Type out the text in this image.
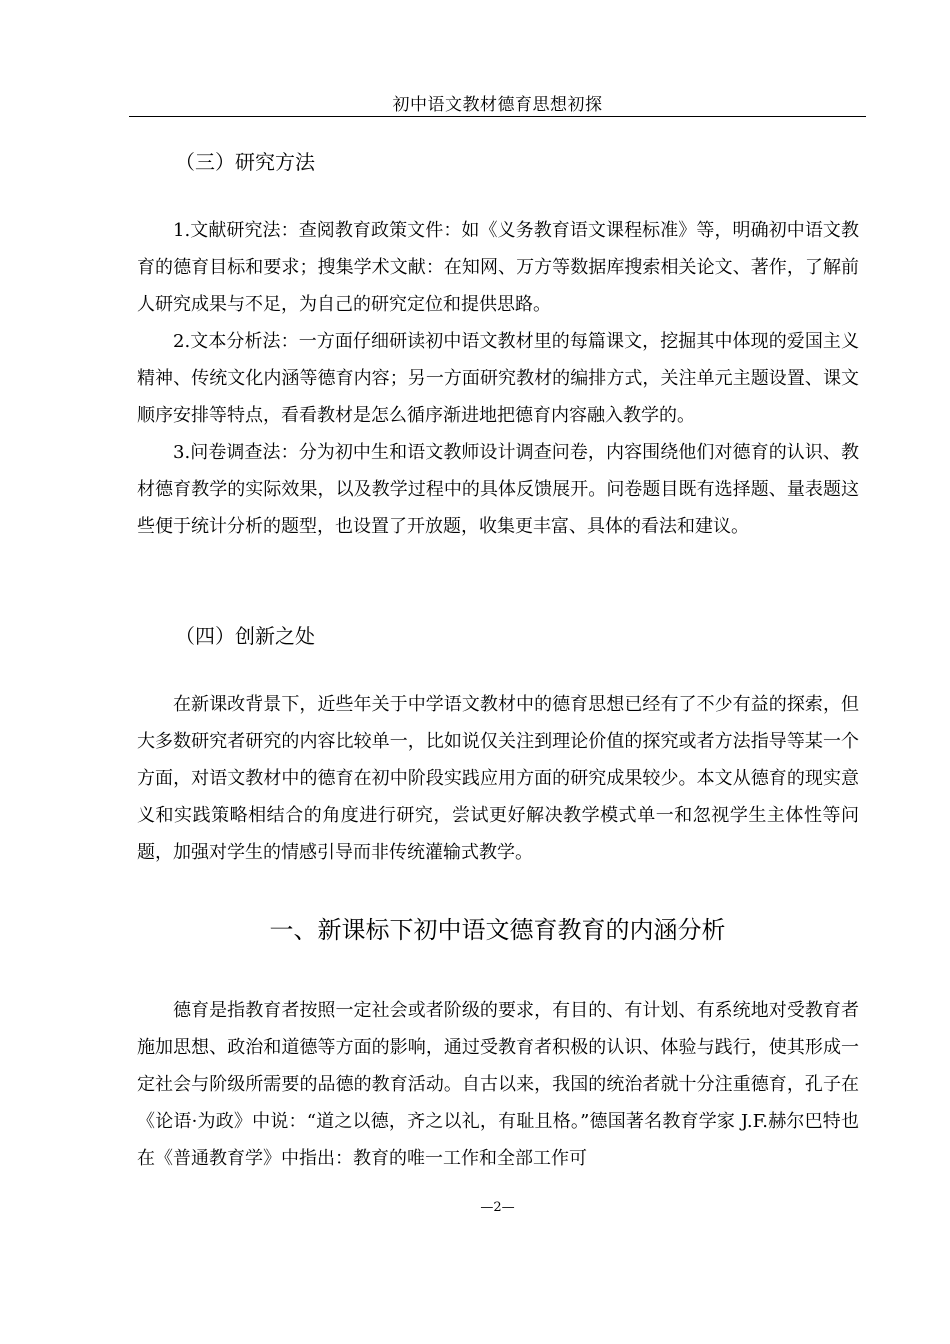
初中语文教材德育思想初探
（三）研究方法

1.文献研究法：查阅教育政策文件：如《义务教育语文课程标准》等，明确初中语文教育的德育目标和要求；搜集学术文献：在知网、万方等数据库搜索相关论文、著作，了解前人研究成果与不足，为自己的研究定位和提供思路。

2.文本分析法：一方面仔细研读初中语文教材里的每篇课文，挖掘其中体现的爱国主义精神、传统文化内涵等德育内容；另一方面研究教材的编排方式，关注单元主题设置、课文顺序安排等特点，看看教材是怎么循序渐进地把德育内容融入教学的。

3.问卷调查法：分为初中生和语文教师设计调查问卷，内容围绕他们对德育的认识、教材德育教学的实际效果，以及教学过程中的具体反馈展开。问卷题目既有选择题、量表题这些便于统计分析的题型，也设置了开放题，收集更丰富、具体的看法和建议。

（四）创新之处

在新课改背景下，近些年关于中学语文教材中的德育思想已经有了不少有益的探索，但大多数研究者研究的内容比较单一，比如说仅关注到理论价值的探究或者方法指导等某一个方面，对语文教材中的德育在初中阶段实践应用方面的研究成果较少。本文从德育的现实意义和实践策略相结合的角度进行研究，尝试更好解决教学模式单一和忽视学生主体性等问题，加强对学生的情感引导而非传统灌输式教学。

一、新课标下初中语文德育教育的内涵分析

德育是指教育者按照一定社会或者阶级的要求，有目的、有计划、有系统地对受教育者施加思想、政治和道德等方面的影响，通过受教育者积极的认识、体验与践行，使其形成一定社会与阶级所需要的品德的教育活动。自古以来，我国的统治者就十分注重德育，孔子在《论语·为政》中说：“道之以德，齐之以礼，有耻且格。”德国著名教育学家 J.F.赫尔巴特也在《普通教育学》中指出：教育的唯一工作和全部工作可

—2—
